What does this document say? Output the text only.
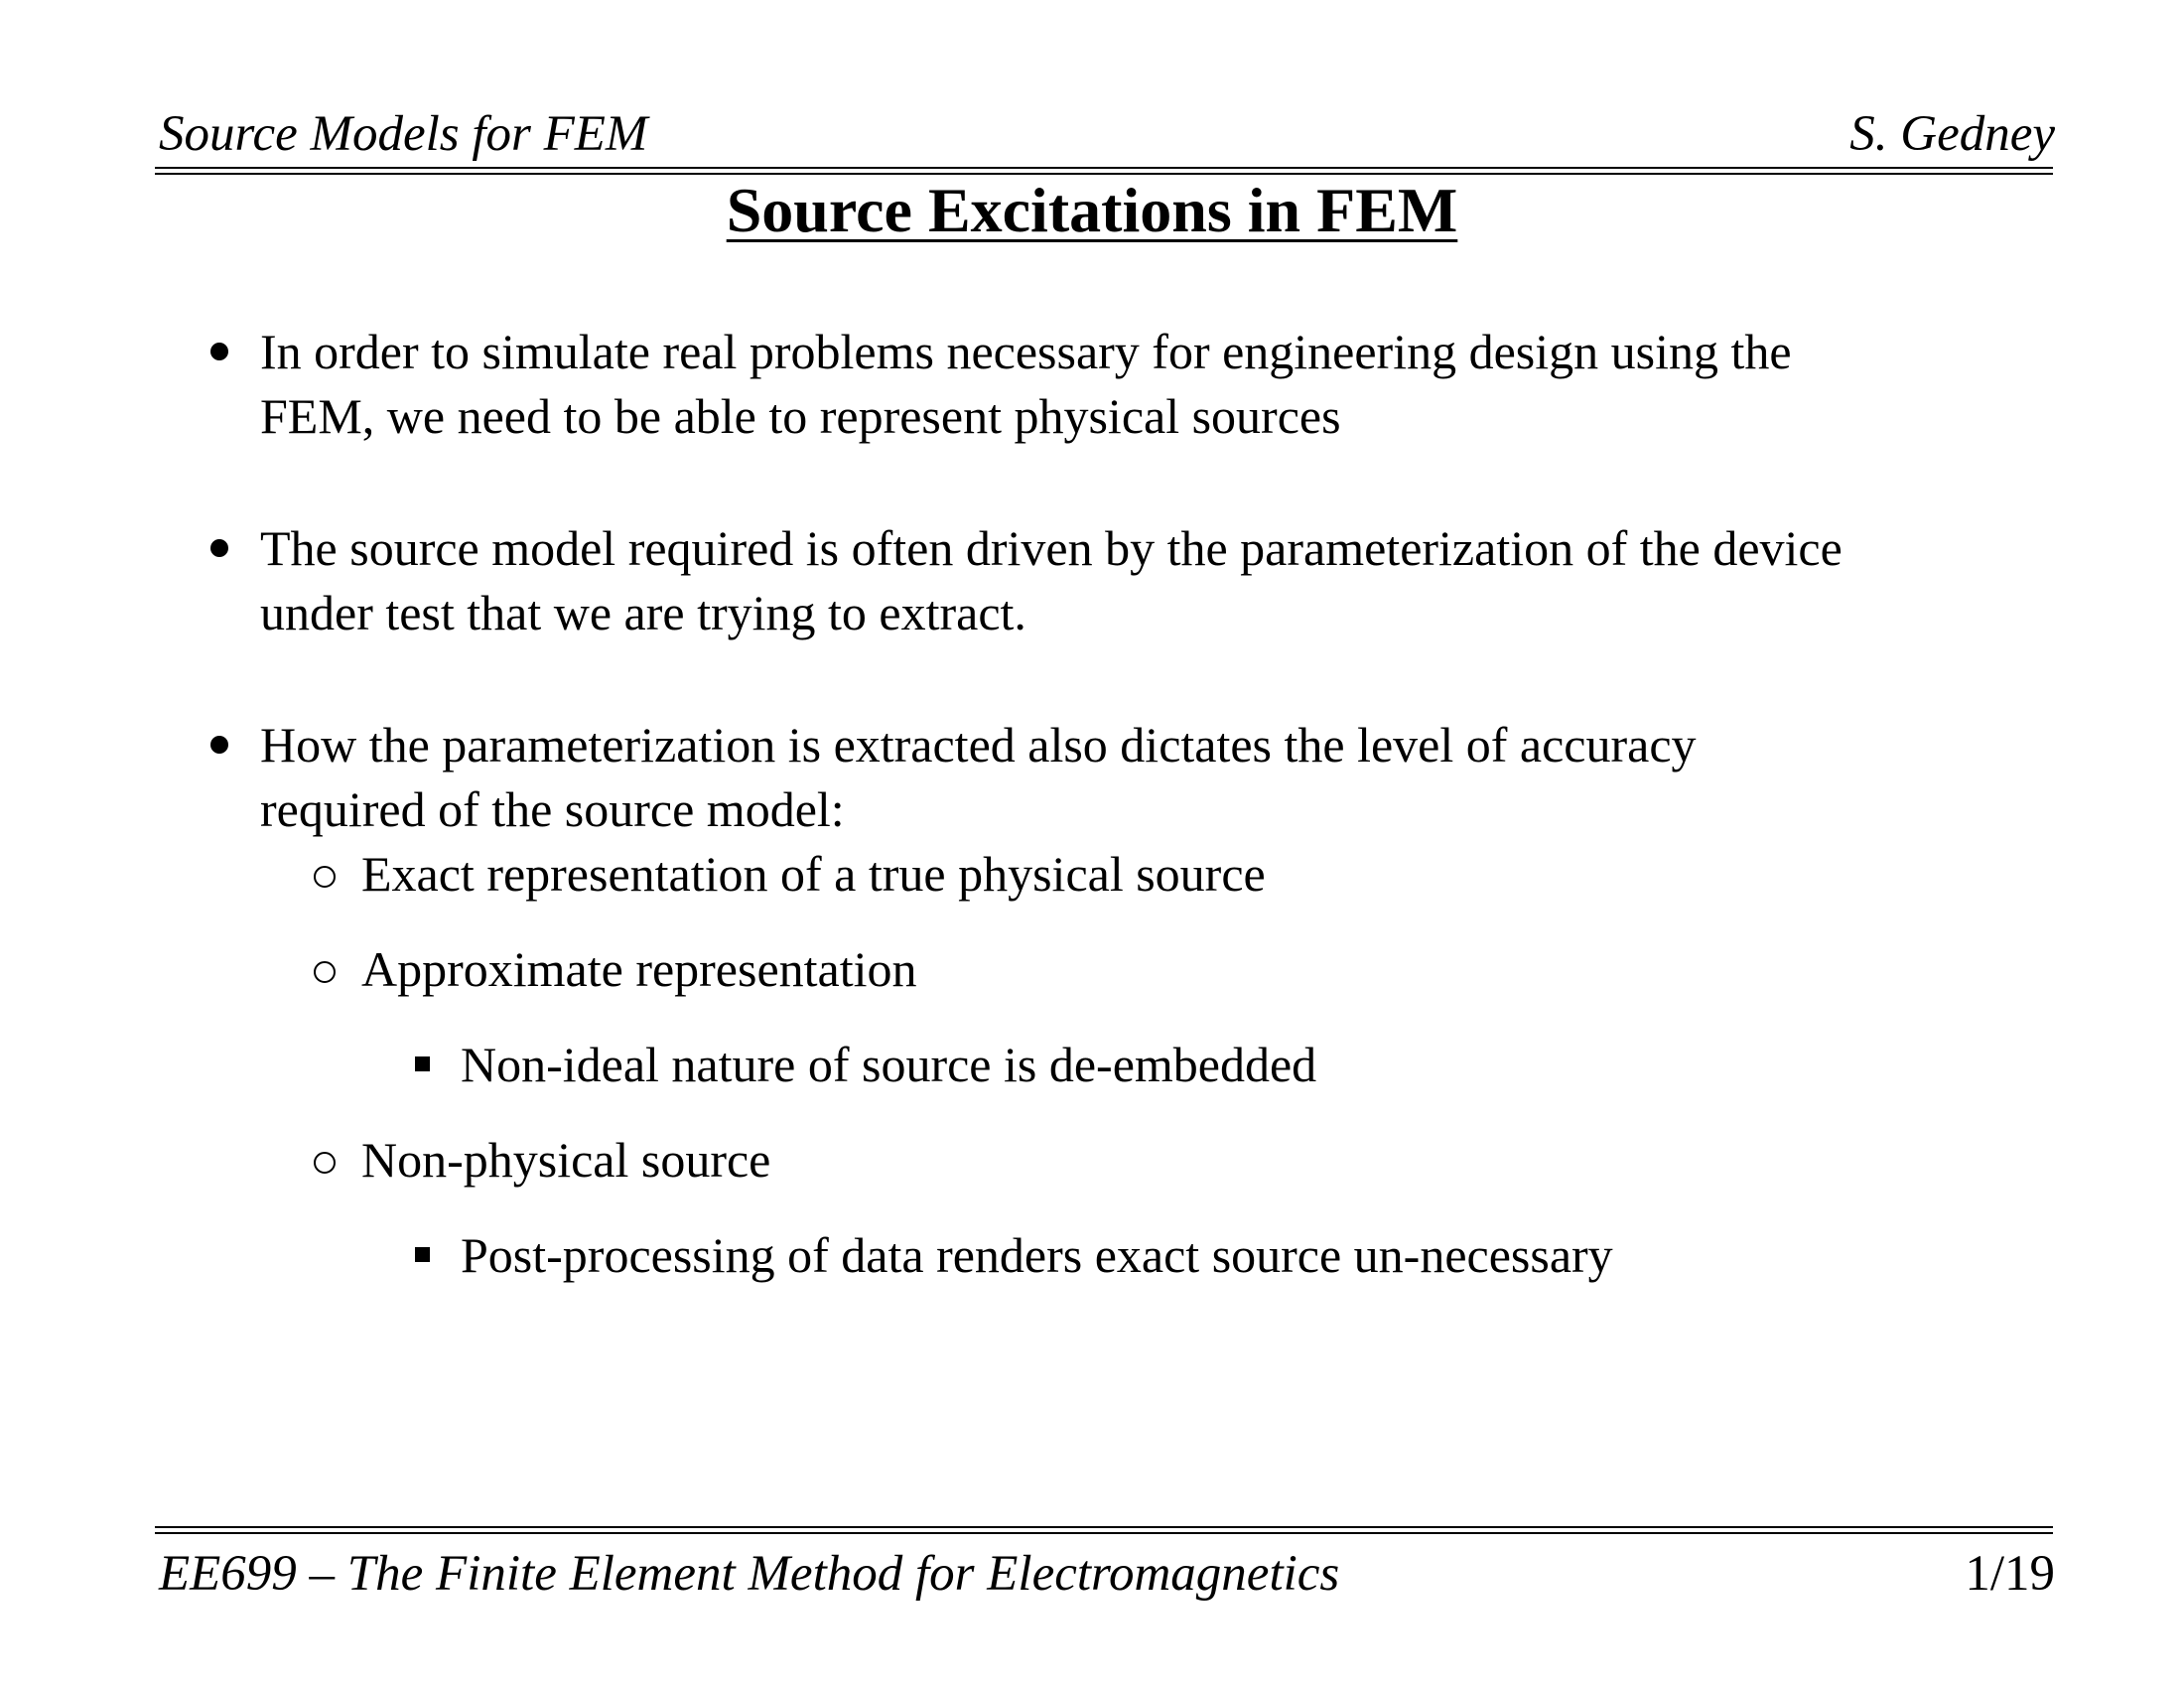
Source Models for FEM	S. Gedney
Source Excitations in FEM
In order to simulate real problems necessary for engineering design using the
FEM, we need to be able to represent physical sources
The source model required is often driven by the parameterization of the device
under test that we are trying to extract.
How the parameterization is extracted also dictates the level of accuracy
required of the source model:
Exact representation of a true physical source
Approximate representation
Non-ideal nature of source is de-embedded
Non-physical source
Post-processing of data renders exact source un-necessary
EE699 – The Finite Element Method for Electromagnetics	1/19
